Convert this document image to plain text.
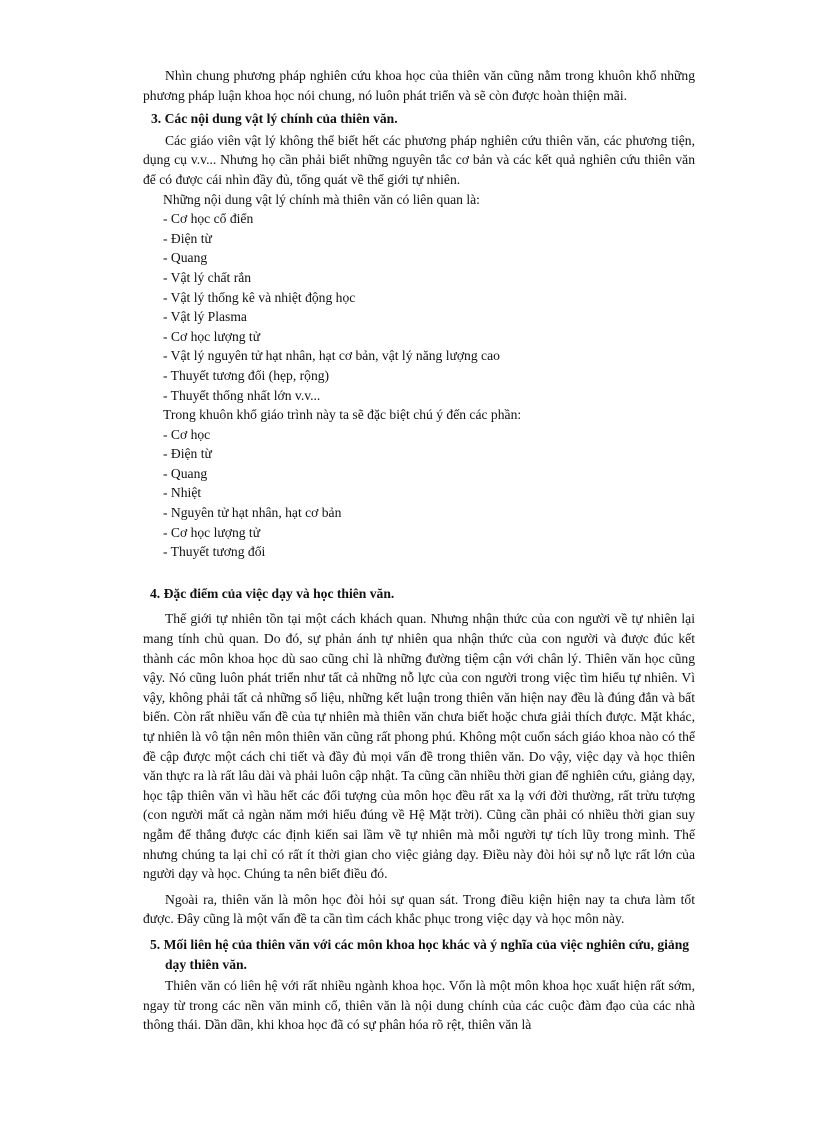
Nhìn chung phương pháp nghiên cứu khoa học của thiên văn cũng nằm trong khuôn khổ những phương pháp luận khoa học nói chung, nó luôn phát triển và sẽ còn được hoàn thiện mãi.

3. Các nội dung vật lý chính của thiên văn.

Các giáo viên vật lý không thể biết hết các phương pháp nghiên cứu thiên văn, các phương tiện, dụng cụ v.v... Nhưng họ cần phải biết những nguyên tắc cơ bản và các kết quả nghiên cứu thiên văn để có được cái nhìn đầy đủ, tổng quát về thế giới tự nhiên.

Những nội dung vật lý chính mà thiên văn có liên quan là:

- Cơ học cổ điển
- Điện từ
- Quang
- Vật lý chất rắn
- Vật lý thống kê và nhiệt động học
- Vật lý Plasma
- Cơ học lượng tử
- Vật lý nguyên tử hạt nhân, hạt cơ bản, vật lý năng lượng cao
- Thuyết tương đối (hẹp, rộng)
- Thuyết thống nhất lớn v.v...

Trong khuôn khổ giáo trình này ta sẽ đặc biệt chú ý đến các phần:

- Cơ học
- Điện từ
- Quang
- Nhiệt
- Nguyên tử hạt nhân, hạt cơ bản
- Cơ học lượng tử
- Thuyết tương đối
4. Đặc điểm của việc dạy và học thiên văn.

Thế giới tự nhiên tồn tại một cách khách quan. Nhưng nhận thức của con người về tự nhiên lại mang tính chủ quan. Do đó, sự phản ánh tự nhiên qua nhận thức của con người và được đúc kết thành các môn khoa học dù sao cũng chỉ là những đường tiệm cận với chân lý. Thiên văn học cũng vậy. Nó cũng luôn phát triển như tất cả những nỗ lực của con người trong việc tìm hiểu tự nhiên. Vì vậy, không phải tất cả những số liệu, những kết luận trong thiên văn hiện nay đều là đúng đắn và bất biến. Còn rất nhiều vấn đề của tự nhiên mà thiên văn chưa biết hoặc chưa giải thích được. Mặt khác, tự nhiên là vô tận nên môn thiên văn cũng rất phong phú. Không một cuốn sách giáo khoa nào có thể đề cập được một cách chi tiết và đầy đủ mọi vấn đề trong thiên văn. Do vậy, việc dạy và học thiên văn thực ra là rất lâu dài và phải luôn cập nhật. Ta cũng cần nhiều thời gian để nghiên cứu, giảng dạy, học tập thiên văn vì hầu hết các đối tượng của môn học đều rất xa lạ với đời thường, rất trừu tượng (con người mất cả ngàn năm mới hiểu đúng về Hệ Mặt trời). Cũng cần phải có nhiều thời gian suy ngẫm để thắng được các định kiến sai lầm về tự nhiên mà mỗi người tự tích lũy trong mình. Thế nhưng chúng ta lại chỉ có rất ít thời gian cho việc giảng dạy. Điều này đòi hỏi sự nỗ lực rất lớn của người dạy và học. Chúng ta nên biết điều đó.

Ngoài ra, thiên văn là môn học đòi hỏi sự quan sát. Trong điều kiện hiện nay ta chưa làm tốt được. Đây cũng là một vấn đề ta cần tìm cách khắc phục trong việc dạy và học môn này.

5. Mối liên hệ của thiên văn với các môn khoa học khác và ý nghĩa của việc nghiên cứu, giảng dạy thiên văn.

Thiên văn có liên hệ với rất nhiều ngành khoa học. Vốn là một môn khoa học xuất hiện rất sớm, ngay từ trong các nền văn minh cổ, thiên văn là nội dung chính của các cuộc đàm đạo của các nhà thông thái. Dần dần, khi khoa học đã có sự phân hóa rõ rệt, thiên văn là
